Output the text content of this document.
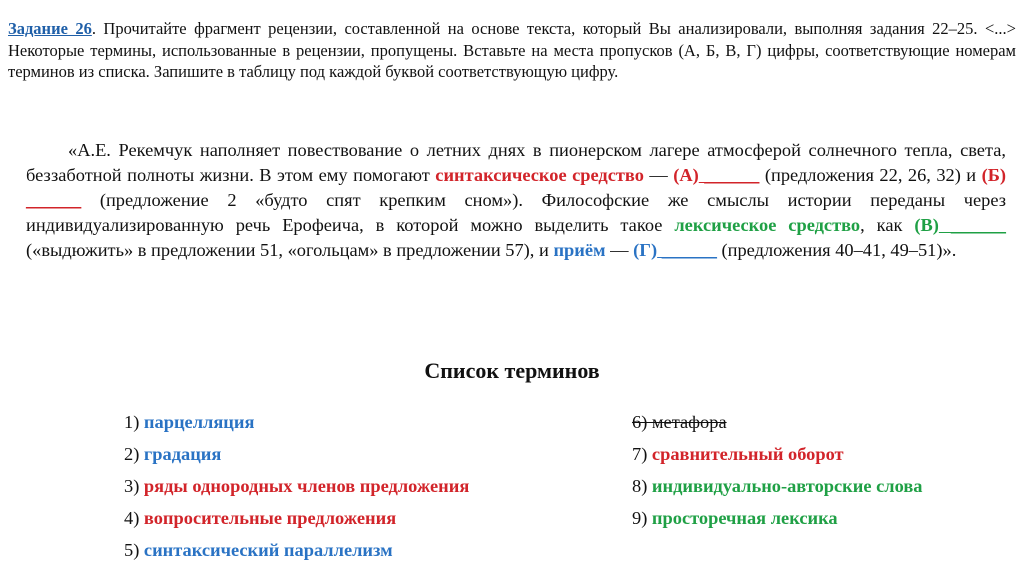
Задание 26. Прочитайте фрагмент рецензии, составленной на основе текста, который Вы анализировали, выполняя задания 22–25. <...> Некоторые термины, использованные в рецензии, пропущены. Вставьте на места пропусков (А, Б, В, Г) цифры, соответствующие номерам терминов из списка. Запишите в таблицу под каждой буквой соответствующую цифру.
«А.Е. Рекемчук наполняет повествование о летних днях в пионерском лагере атмосферой солнечного тепла, света, беззаботной полноты жизни. В этом ему помогают синтаксическое средство — (А) ______ (предложения 22, 26, 32) и (Б) ______ (предложение 2 «будто спят крепким сном»). Философские же смыслы истории переданы через индивидуализированную речь Ерофеича, в которой можно выделить такое лексическое средство, как (В) ______ («выдюжить» в предложении 51, «огольцам» в предложении 57), и приём — (Г) ______ (предложения 40–41, 49–51)».
Список терминов
1) парцелляция
2) градация
3) ряды однородных членов предложения
4) вопросительные предложения
5) синтаксический параллелизм
6) метафора
7) сравнительный оборот
8) индивидуально-авторские слова
9) просторечная лексика
